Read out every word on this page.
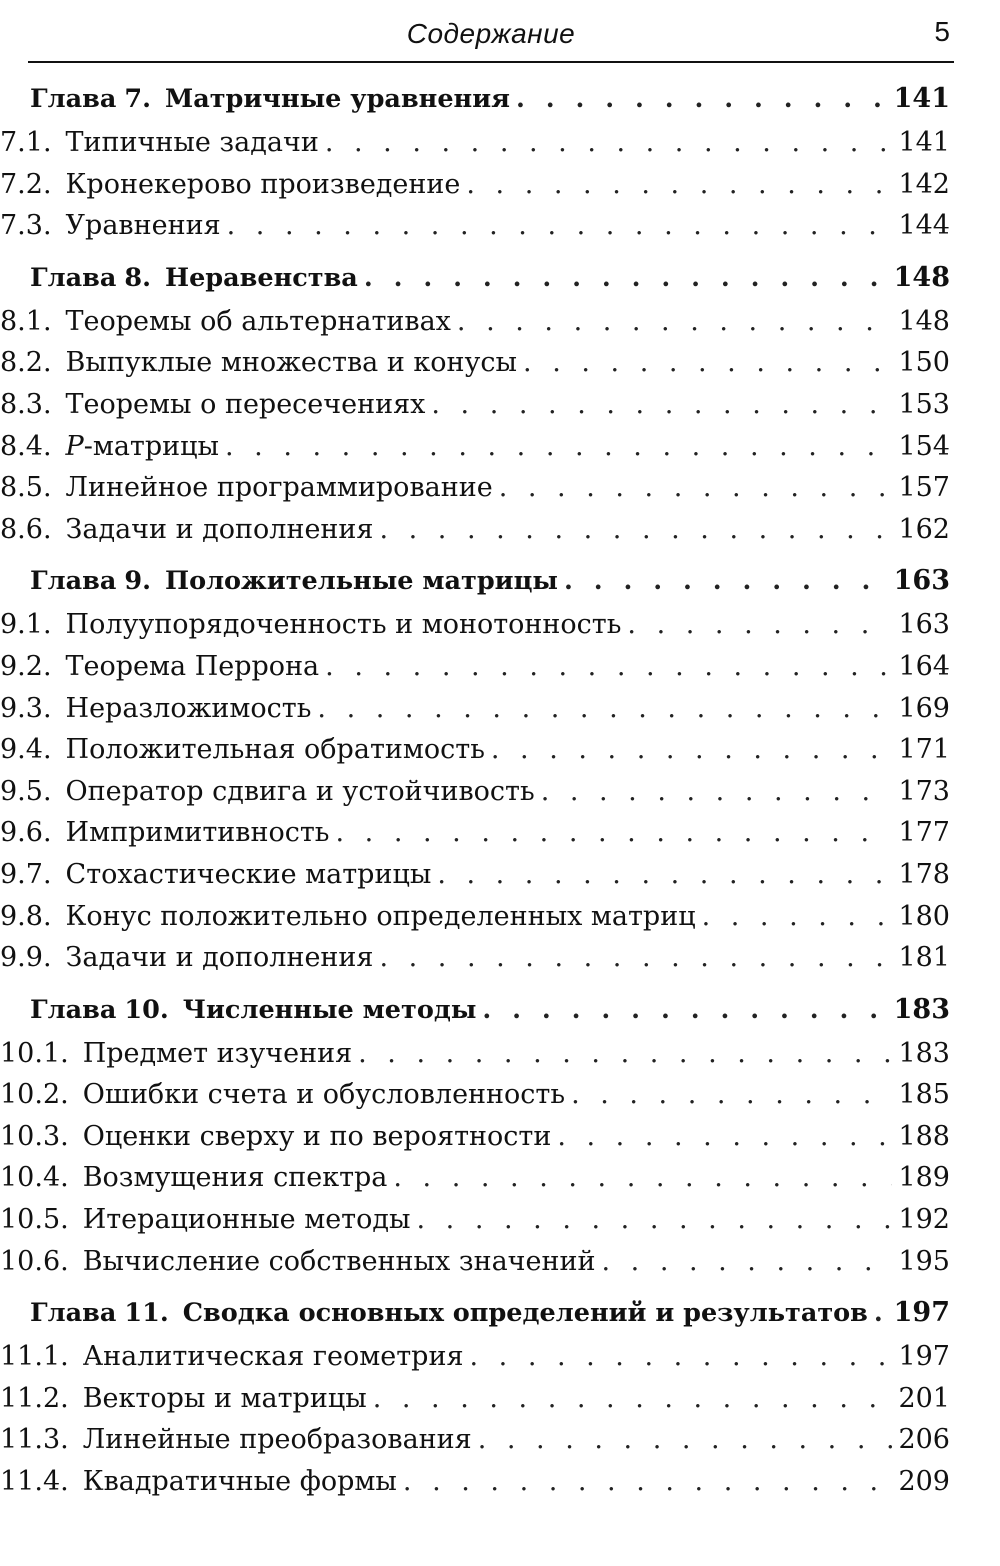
Содержание	5
Глава 7. Матричные уравнения . . .	141
7.1. Типичные задачи . . .	141
7.2. Кронекерово произведение . . .	142
7.3. Уравнения . . .	144
Глава 8. Неравенства . . .	148
8.1. Теоремы об альтернативах . . .	148
8.2. Выпуклые множества и конусы . . .	150
8.3. Теоремы о пересечениях . . .	153
8.4. P-матрицы . . .	154
8.5. Линейное программирование . . .	157
8.6. Задачи и дополнения . . .	162
Глава 9. Положительные матрицы . . .	163
9.1. Полуупорядоченность и монотонность . . .	163
9.2. Теорема Перрона . . .	164
9.3. Неразложимость . . .	169
9.4. Положительная обратимость . . .	171
9.5. Оператор сдвига и устойчивость . . .	173
9.6. Импримитивность . . .	177
9.7. Стохастические матрицы . . .	178
9.8. Конус положительно определенных матриц . . .	180
9.9. Задачи и дополнения . . .	181
Глава 10. Численные методы . . .	183
10.1. Предмет изучения . . .	183
10.2. Ошибки счета и обусловленность . . .	185
10.3. Оценки сверху и по вероятности . . .	188
10.4. Возмущения спектра . . .	189
10.5. Итерационные методы . . .	192
10.6. Вычисление собственных значений . . .	195
Глава 11. Сводка основных определений и результатов . . . 197
11.1. Аналитическая геометрия . . .	197
11.2. Векторы и матрицы . . .	201
11.3. Линейные преобразования . . .	206
11.4. Квадратичные формы . . .	209
